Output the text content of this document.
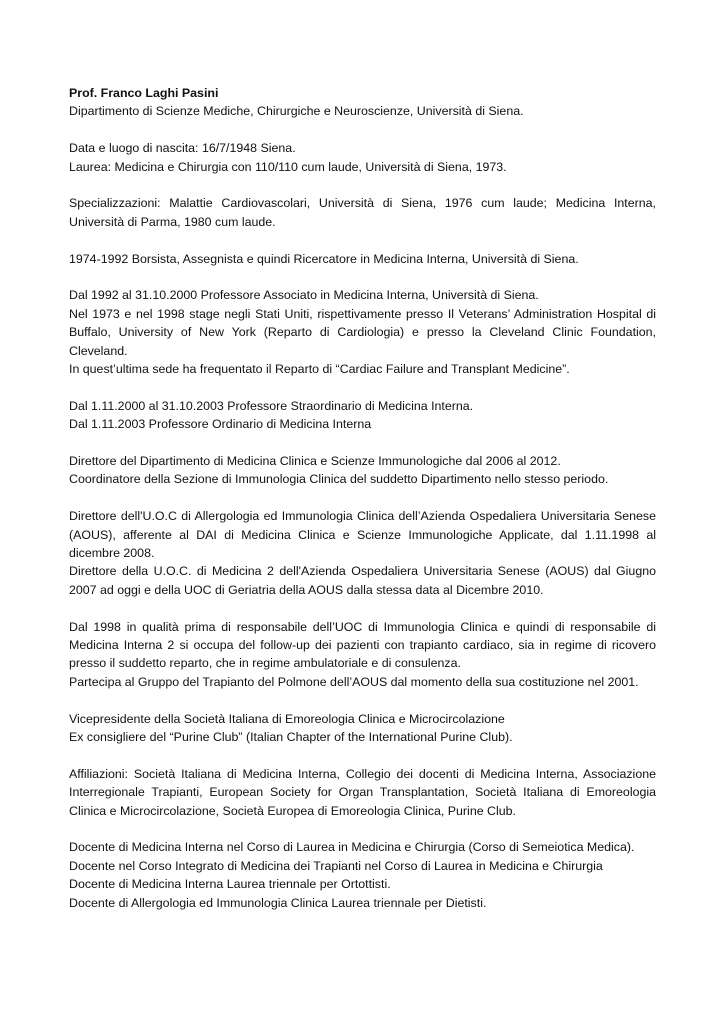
Prof. Franco Laghi Pasini
Dipartimento di Scienze Mediche, Chirurgiche e Neuroscienze, Università di Siena.
Data e luogo di nascita: 16/7/1948 Siena.
Laurea: Medicina e Chirurgia con 110/110 cum laude, Università di Siena, 1973.
Specializzazioni: Malattie Cardiovascolari, Università di Siena, 1976 cum laude; Medicina Interna, Università di Parma, 1980 cum laude.
1974-1992 Borsista, Assegnista e quindi Ricercatore in Medicina Interna, Università di Siena.
Dal 1992 al 31.10.2000 Professore Associato in Medicina Interna, Università di Siena.
Nel 1973 e nel 1998 stage negli Stati Uniti, rispettivamente presso Il Veterans’ Administration Hospital di Buffalo, University of New York (Reparto di Cardiologia) e presso la Cleveland Clinic Foundation, Cleveland.
In quest’ultima sede ha frequentato il Reparto di “Cardiac Failure and Transplant Medicine”.
Dal 1.11.2000 al 31.10.2003 Professore Straordinario di Medicina Interna.
Dal 1.11.2003 Professore Ordinario di Medicina Interna
Direttore del Dipartimento di Medicina Clinica e Scienze Immunologiche dal 2006 al 2012.
Coordinatore della Sezione di Immunologia Clinica del suddetto Dipartimento nello stesso periodo.
Direttore dell'U.O.C di Allergologia ed Immunologia Clinica dell’Azienda Ospedaliera Universitaria Senese (AOUS), afferente al DAI di Medicina Clinica e Scienze Immunologiche Applicate, dal 1.11.1998 al dicembre 2008.
Direttore della U.O.C. di Medicina 2 dell'Azienda Ospedaliera Universitaria Senese (AOUS) dal Giugno 2007 ad oggi e della UOC di Geriatria della AOUS dalla stessa data al Dicembre 2010.
Dal 1998 in qualità prima di responsabile dell’UOC di Immunologia Clinica e quindi di responsabile di Medicina Interna 2 si occupa del follow-up dei pazienti con trapianto cardiaco, sia in regime di ricovero presso il suddetto reparto, che in regime ambulatoriale e di consulenza.
Partecipa al Gruppo del Trapianto del Polmone dell’AOUS dal momento della sua costituzione nel 2001.
Vicepresidente della Società Italiana di Emoreologia Clinica e Microcircolazione
Ex consigliere del “Purine Club” (Italian Chapter of the International Purine Club).
Affiliazioni: Società Italiana di Medicina Interna, Collegio dei docenti di Medicina Interna, Associazione Interregionale Trapianti, European Society for Organ Transplantation, Società Italiana di Emoreologia Clinica e Microcircolazione, Società Europea di Emoreologia Clinica, Purine Club.
Docente di Medicina Interna nel Corso di Laurea in Medicina e Chirurgia (Corso di Semeiotica Medica).
Docente nel Corso Integrato di Medicina dei Trapianti nel Corso di Laurea in Medicina e Chirurgia
Docente di Medicina Interna Laurea triennale per Ortottisti.
Docente di Allergologia ed Immunologia Clinica Laurea triennale per Dietisti.
